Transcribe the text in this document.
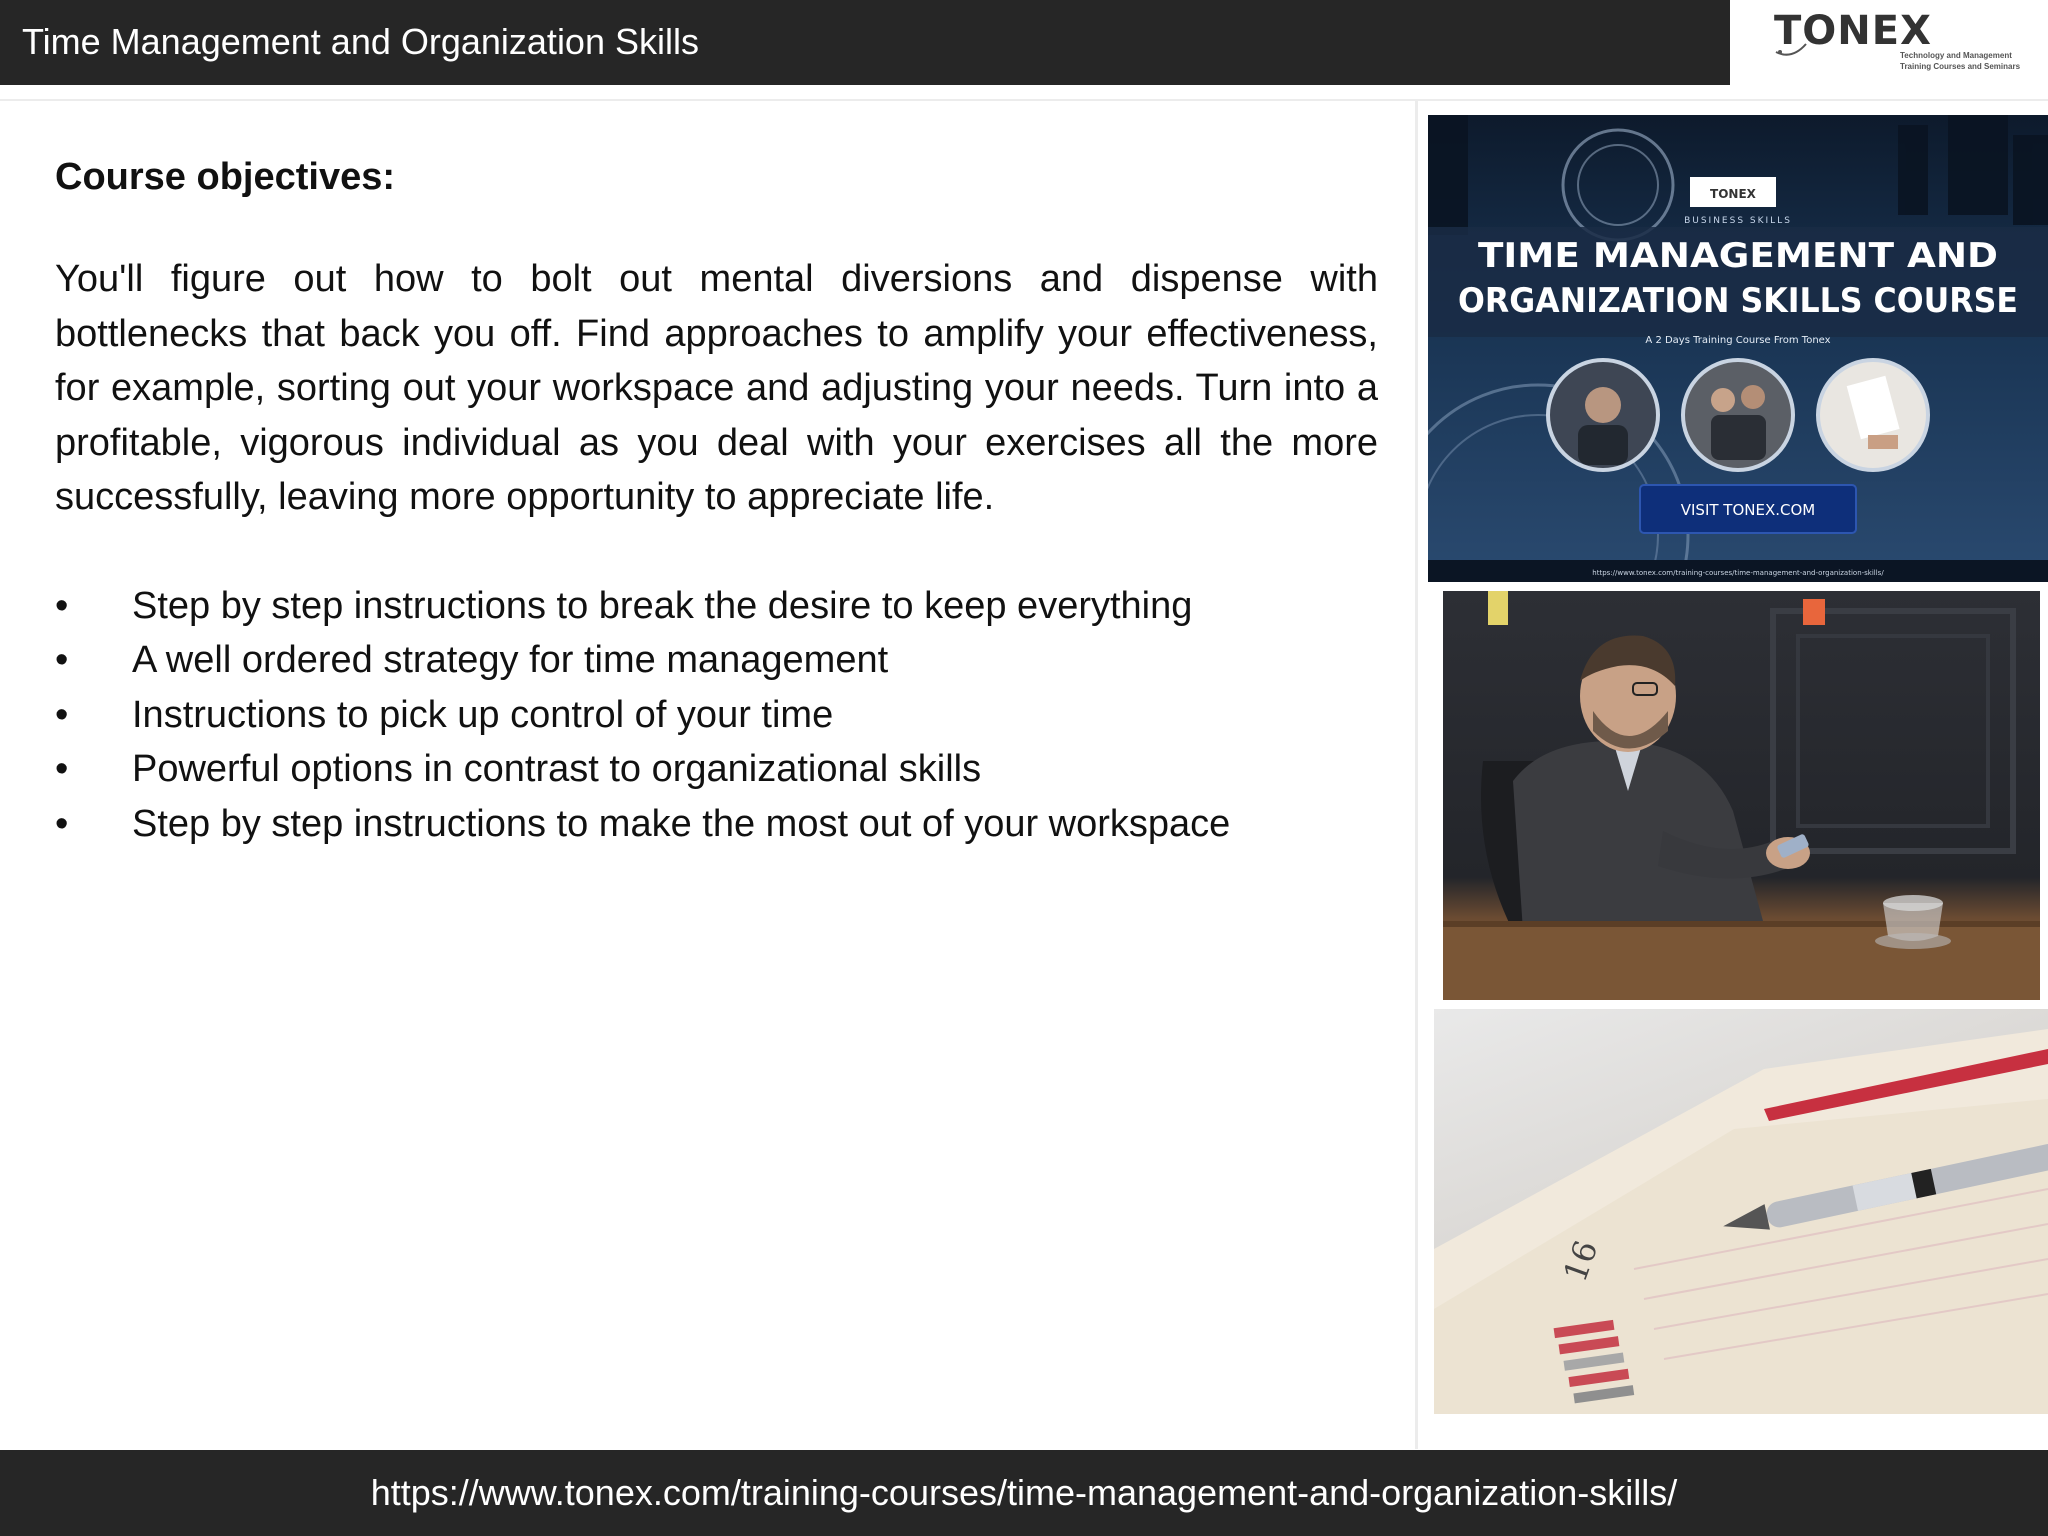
Time Management and Organization Skills	TONEX
Technology and Management
Training Courses and Seminars
Course objectives:

You'll figure out how to bolt out mental diversions and dispense with bottlenecks that back you off. Find approaches to amplify your effectiveness, for example, sorting out your workspace and adjusting your needs. Turn into a profitable, vigorous individual as you deal with your exercises all the more successfully, leaving more opportunity to appreciate life.

• Step by step instructions to break the desire to keep everything
• A well ordered strategy for time management
• Instructions to pick up control of your time
• Powerful options in contrast to organizational skills
• Step by step instructions to make the most out of your workspace
TONEX
BUSINESS SKILLS
TIME MANAGEMENT AND
ORGANIZATION SKILLS COURSE
A 2 Days Training Course From Tonex
VISIT TONEX.COM
https://www.tonex.com/training-courses/time-management-and-organization-skills/
16
https://www.tonex.com/training-courses/time-management-and-organization-skills/
